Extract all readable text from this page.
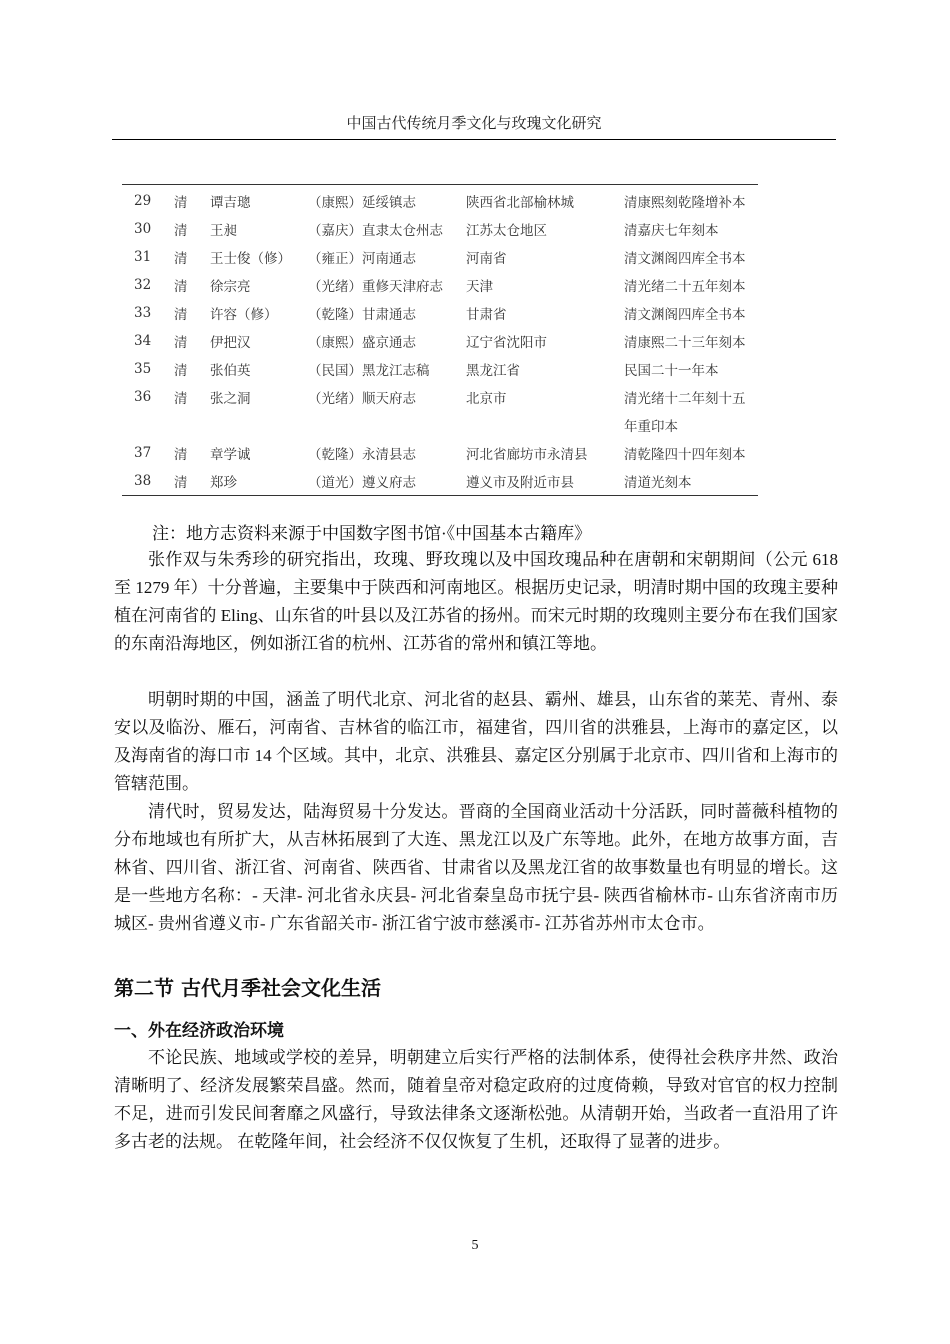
中国古代传统月季文化与玫瑰文化研究
29	清	谭吉璁	（康熙）延绥镇志	陕西省北部榆林城	清康熙刻乾隆增补本
30	清	王昶	（嘉庆）直隶太仓州志	江苏太仓地区	清嘉庆七年刻本
31	清	王士俊（修）	（雍正）河南通志	河南省	清文渊阁四库全书本
32	清	徐宗亮	（光绪）重修天津府志	天津	清光绪二十五年刻本
33	清	许容（修）	（乾隆）甘肃通志	甘肃省	清文渊阁四库全书本
34	清	伊把汉	（康熙）盛京通志	辽宁省沈阳市	清康熙二十三年刻本
35	清	张伯英	（民国）黑龙江志稿	黑龙江省	民国二十一年本
36	清	张之洞	（光绪）顺天府志	北京市	清光绪十二年刻十五
					年重印本
37	清	章学诚	（乾隆）永清县志	河北省廊坊市永清县	清乾隆四十四年刻本
38	清	郑珍	（道光）遵义府志	遵义市及附近市县	清道光刻本
注：地方志资料来源于中国数字图书馆·《中国基本古籍库》

张作双与朱秀珍的研究指出，玫瑰、野玫瑰以及中国玫瑰品种在唐朝和宋朝期间（公元 618 至 1279 年）十分普遍，主要集中于陕西和河南地区。根据历史记录，明清时期中国的玫瑰主要种植在河南省的 Eling、山东省的叶县以及江苏省的扬州。而宋元时期的玫瑰则主要分布在我们国家的东南沿海地区，例如浙江省的杭州、江苏省的常州和镇江等地。

明朝时期的中国，涵盖了明代北京、河北省的赵县、霸州、雄县，山东省的莱芜、青州、泰安以及临汾、雁石，河南省、吉林省的临江市，福建省，四川省的洪雅县，上海市的嘉定区，以及海南省的海口市 14 个区域。其中，北京、洪雅县、嘉定区分别属于北京市、四川省和上海市的管辖范围。

清代时，贸易发达，陆海贸易十分发达。晋商的全国商业活动十分活跃，同时蔷薇科植物的分布地域也有所扩大，从吉林拓展到了大连、黑龙江以及广东等地。此外，在地方故事方面，吉林省、四川省、浙江省、河南省、陕西省、甘肃省以及黑龙江省的故事数量也有明显的增长。这是一些地方名称：- 天津- 河北省永庆县- 河北省秦皇岛市抚宁县- 陕西省榆林市- 山东省济南市历城区- 贵州省遵义市- 广东省韶关市- 浙江省宁波市慈溪市- 江苏省苏州市太仓市。

第二节 古代月季社会文化生活
一、外在经济政治环境

不论民族、地域或学校的差异，明朝建立后实行严格的法制体系，使得社会秩序井然、政治清晰明了、经济发展繁荣昌盛。然而，随着皇帝对稳定政府的过度倚赖，导致对官官的权力控制不足，进而引发民间奢靡之风盛行，导致法律条文逐渐松弛。从清朝开始，当政者一直沿用了许多古老的法规。 在乾隆年间，社会经济不仅仅恢复了生机，还取得了显著的进步。

5
